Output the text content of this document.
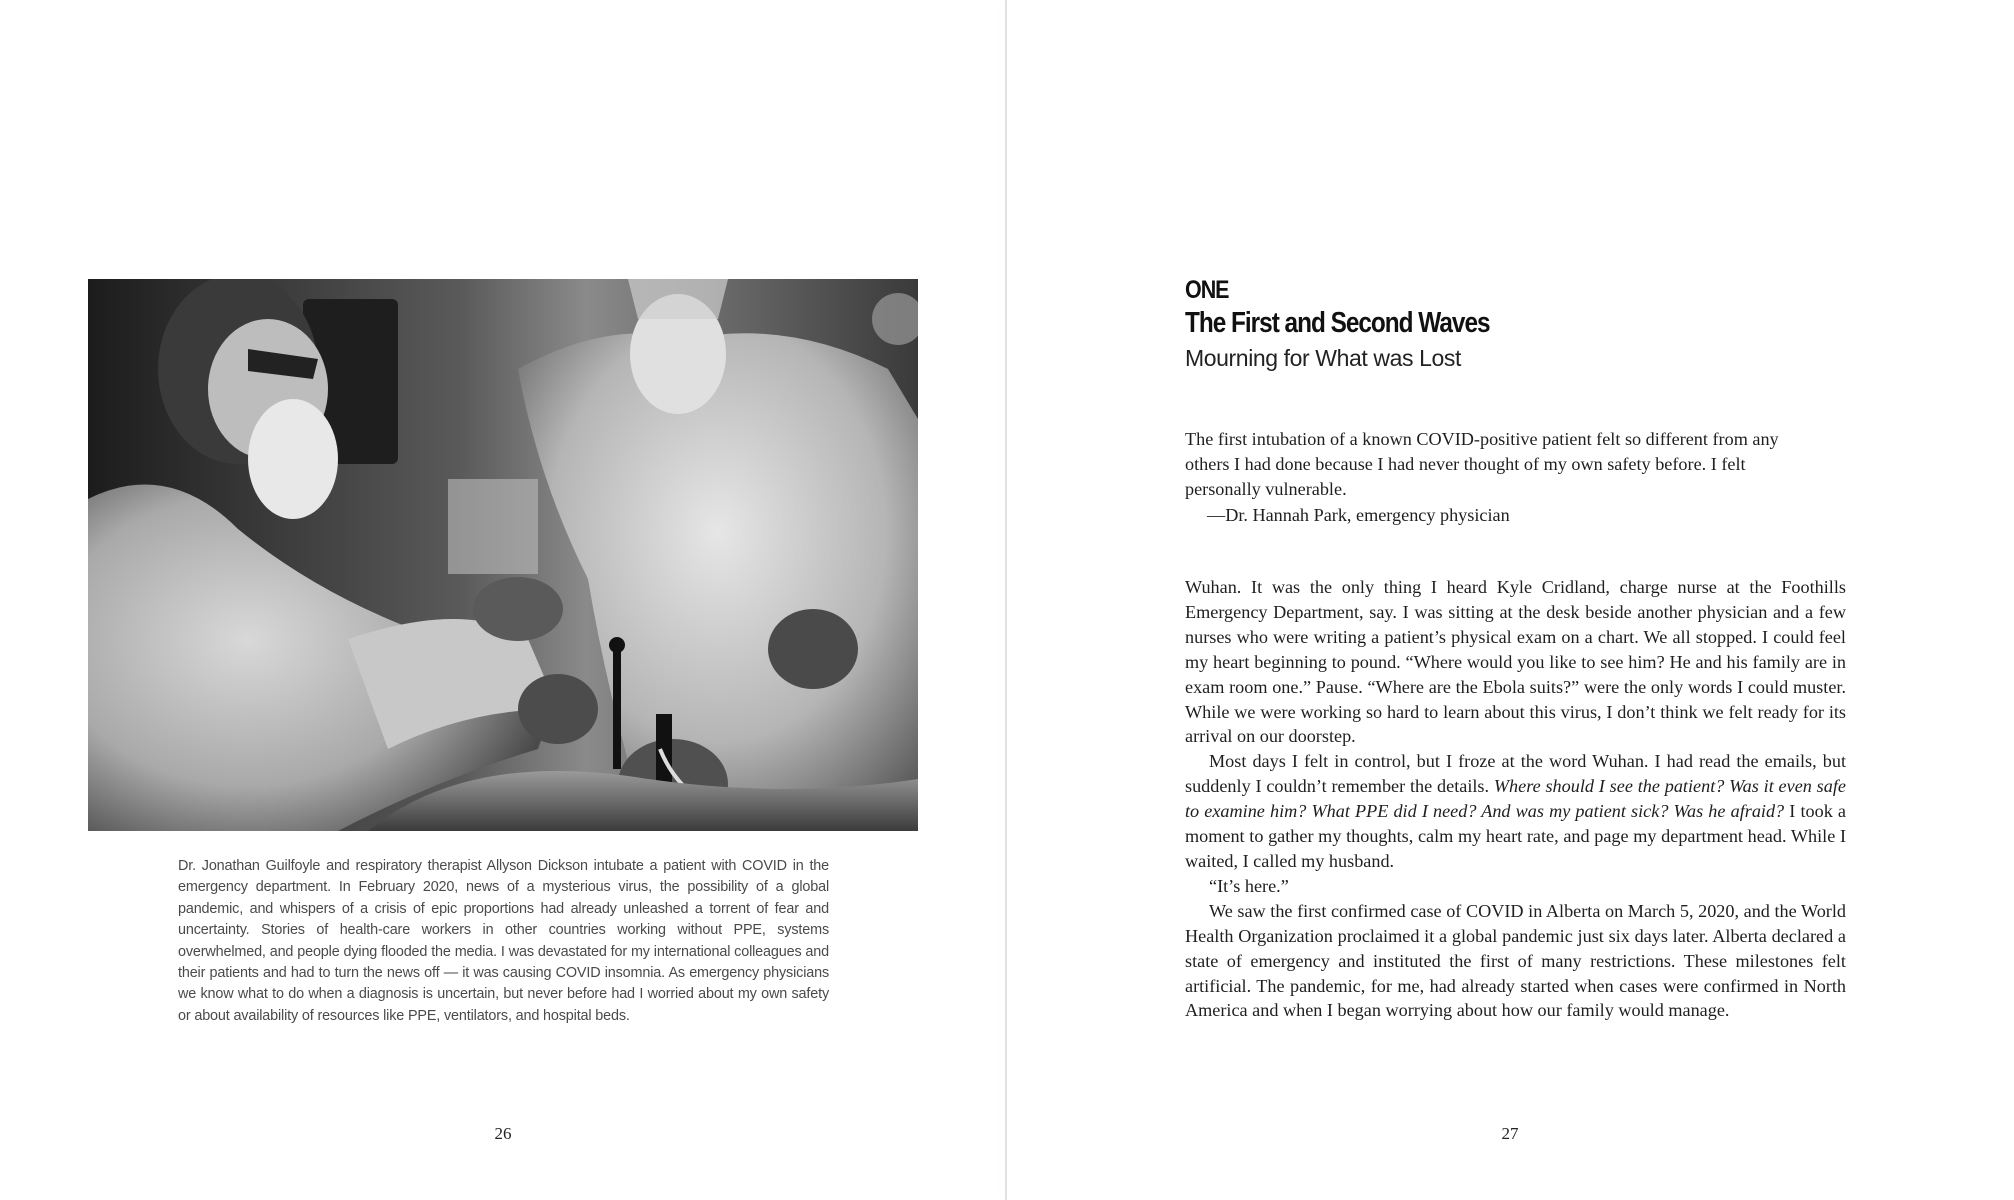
Dr. Jonathan Guilfoyle and respiratory therapist Allyson Dickson intubate a patient with COVID in the emergency department. In February 2020, news of a mysterious virus, the possibility of a global pandemic, and whispers of a crisis of epic proportions had already unleashed a torrent of fear and uncertainty. Stories of health-care workers in other countries working without PPE, systems overwhelmed, and people dying flooded the media. I was devastated for my international colleagues and their patients and had to turn the news off — it was causing COVID insomnia. As emergency physicians we know what to do when a diagnosis is uncertain, but never before had I worried about my own safety or about availability of resources like PPE, ventilators, and hospital beds.

26
ONE
The First and Second Waves
Mourning for What was Lost

The first intubation of a known COVID-positive patient felt so different from any others I had done because I had never thought of my own safety before. I felt personally vulnerable.

—Dr. Hannah Park, emergency physician

Wuhan. It was the only thing I heard Kyle Cridland, charge nurse at the Foothills Emergency Department, say. I was sitting at the desk beside another physician and a few nurses who were writing a patient’s physical exam on a chart. We all stopped. I could feel my heart beginning to pound. “Where would you like to see him? He and his family are in exam room one.” Pause. “Where are the Ebola suits?” were the only words I could muster. While we were working so hard to learn about this virus, I don’t think we felt ready for its arrival on our doorstep.

Most days I felt in control, but I froze at the word Wuhan. I had read the emails, but suddenly I couldn’t remember the details. Where should I see the patient? Was it even safe to examine him? What PPE did I need? And was my patient sick? Was he afraid? I took a moment to gather my thoughts, calm my heart rate, and page my department head. While I waited, I called my husband.

“It’s here.”

We saw the first confirmed case of COVID in Alberta on March 5, 2020, and the World Health Organization proclaimed it a global pandemic just six days later. Alberta declared a state of emergency and instituted the first of many restrictions. These milestones felt artificial. The pandemic, for me, had already started when cases were confirmed in North America and when I began worrying about how our family would manage.

27
